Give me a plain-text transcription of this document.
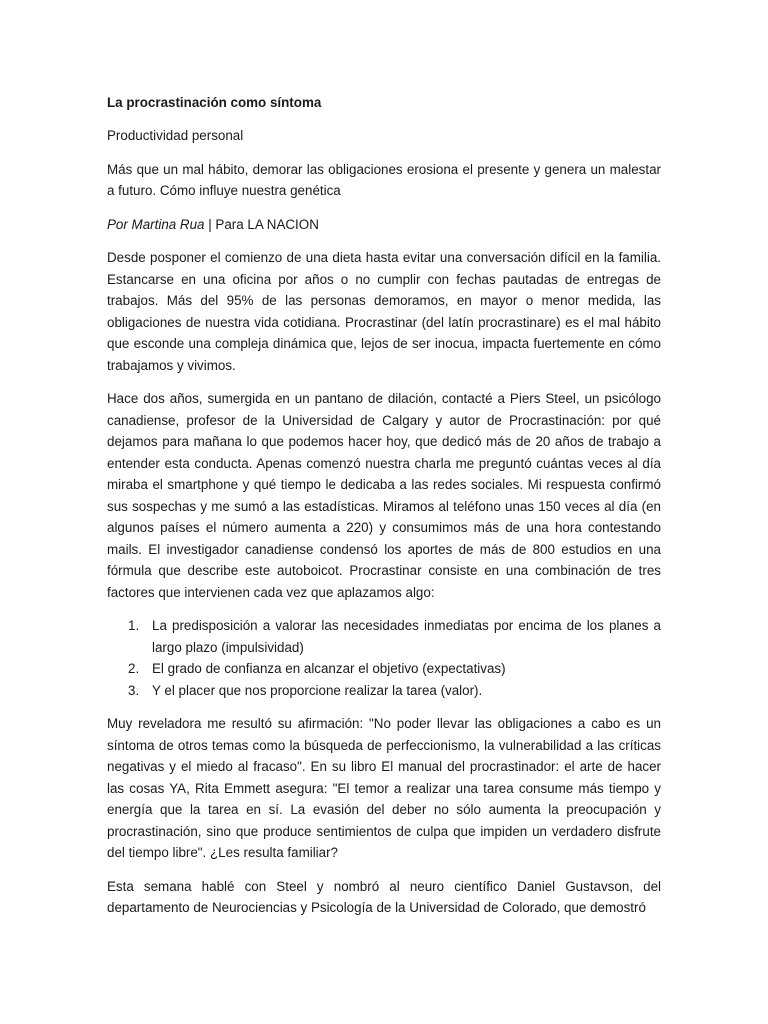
La procrastinación como síntoma
Productividad personal
Más que un mal hábito, demorar las obligaciones erosiona el presente y genera un malestar a futuro. Cómo influye nuestra genética
Por Martina Rua | Para LA NACION
Desde posponer el comienzo de una dieta hasta evitar una conversación difícil en la familia. Estancarse en una oficina por años o no cumplir con fechas pautadas de entregas de trabajos. Más del 95% de las personas demoramos, en mayor o menor medida, las obligaciones de nuestra vida cotidiana. Procrastinar (del latín procrastinare) es el mal hábito que esconde una compleja dinámica que, lejos de ser inocua, impacta fuertemente en cómo trabajamos y vivimos.
Hace dos años, sumergida en un pantano de dilación, contacté a Piers Steel, un psicólogo canadiense, profesor de la Universidad de Calgary y autor de Procrastinación: por qué dejamos para mañana lo que podemos hacer hoy, que dedicó más de 20 años de trabajo a entender esta conducta. Apenas comenzó nuestra charla me preguntó cuántas veces al día miraba el smartphone y qué tiempo le dedicaba a las redes sociales. Mi respuesta confirmó sus sospechas y me sumó a las estadísticas. Miramos al teléfono unas 150 veces al día (en algunos países el número aumenta a 220) y consumimos más de una hora contestando mails. El investigador canadiense condensó los aportes de más de 800 estudios en una fórmula que describe este autoboicot. Procrastinar consiste en una combinación de tres factores que intervienen cada vez que aplazamos algo:
1. La predisposición a valorar las necesidades inmediatas por encima de los planes a largo plazo (impulsividad)
2. El grado de confianza en alcanzar el objetivo (expectativas)
3. Y el placer que nos proporcione realizar la tarea (valor).
Muy reveladora me resultó su afirmación: "No poder llevar las obligaciones a cabo es un síntoma de otros temas como la búsqueda de perfeccionismo, la vulnerabilidad a las críticas negativas y el miedo al fracaso". En su libro El manual del procrastinador: el arte de hacer las cosas YA, Rita Emmett asegura: "El temor a realizar una tarea consume más tiempo y energía que la tarea en sí. La evasión del deber no sólo aumenta la preocupación y procrastinación, sino que produce sentimientos de culpa que impiden un verdadero disfrute del tiempo libre". ¿Les resulta familiar?
Esta semana hablé con Steel y nombró al neuro científico Daniel Gustavson, del departamento de Neurociencias y Psicología de la Universidad de Colorado, que demostró
